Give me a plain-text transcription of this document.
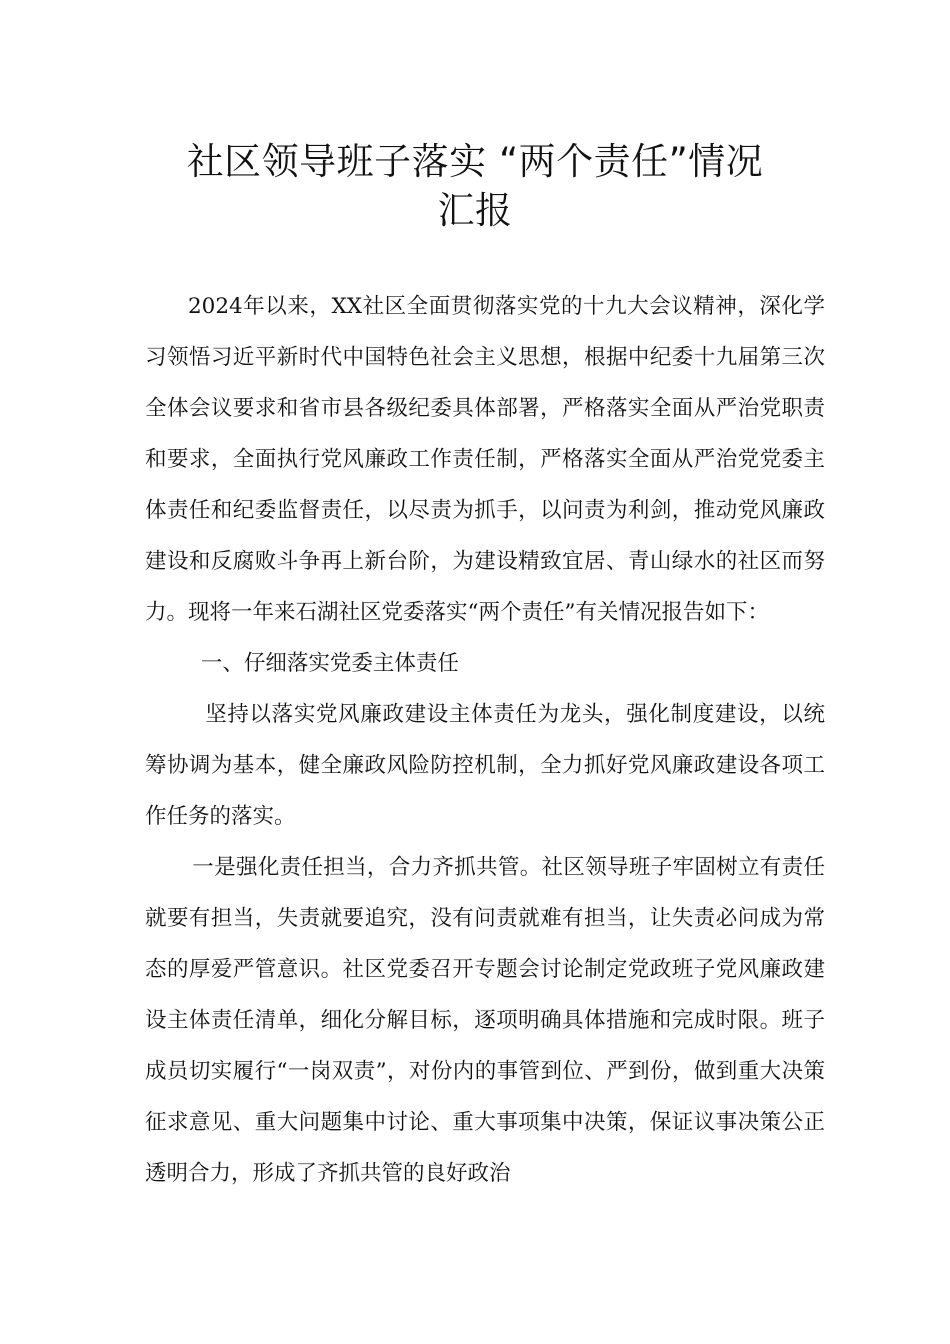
社区领导班子落实 “两个责任”情况
汇报

2024年以来，XX社区全面贯彻落实党的十九大会议精神，深化学习领悟习近平新时代中国特色社会主义思想，根据中纪委十九届第三次全体会议要求和省市县各级纪委具体部署，严格落实全面从严治党职责和要求，全面执行党风廉政工作责任制，严格落实全面从严治党党委主体责任和纪委监督责任，以尽责为抓手，以问责为利剑，推动党风廉政建设和反腐败斗争再上新台阶，为建设精致宜居、青山绿水的社区而努力。现将一年来石湖社区党委落实“两个责任”有关情况报告如下：

一、仔细落实党委主体责任

坚持以落实党风廉政建设主体责任为龙头，强化制度建设，以统筹协调为基本，健全廉政风险防控机制，全力抓好党风廉政建设各项工作任务的落实。

一是强化责任担当，合力齐抓共管。社区领导班子牢固树立有责任就要有担当，失责就要追究，没有问责就难有担当，让失责必问成为常态的厚爱严管意识。社区党委召开专题会讨论制定党政班子党风廉政建设主体责任清单，细化分解目标，逐项明确具体措施和完成时限。班子成员切实履行“一岗双责”，对份内的事管到位、严到份，做到重大决策征求意见、重大问题集中讨论、重大事项集中决策，保证议事决策公正透明合力，形成了齐抓共管的良好政治
